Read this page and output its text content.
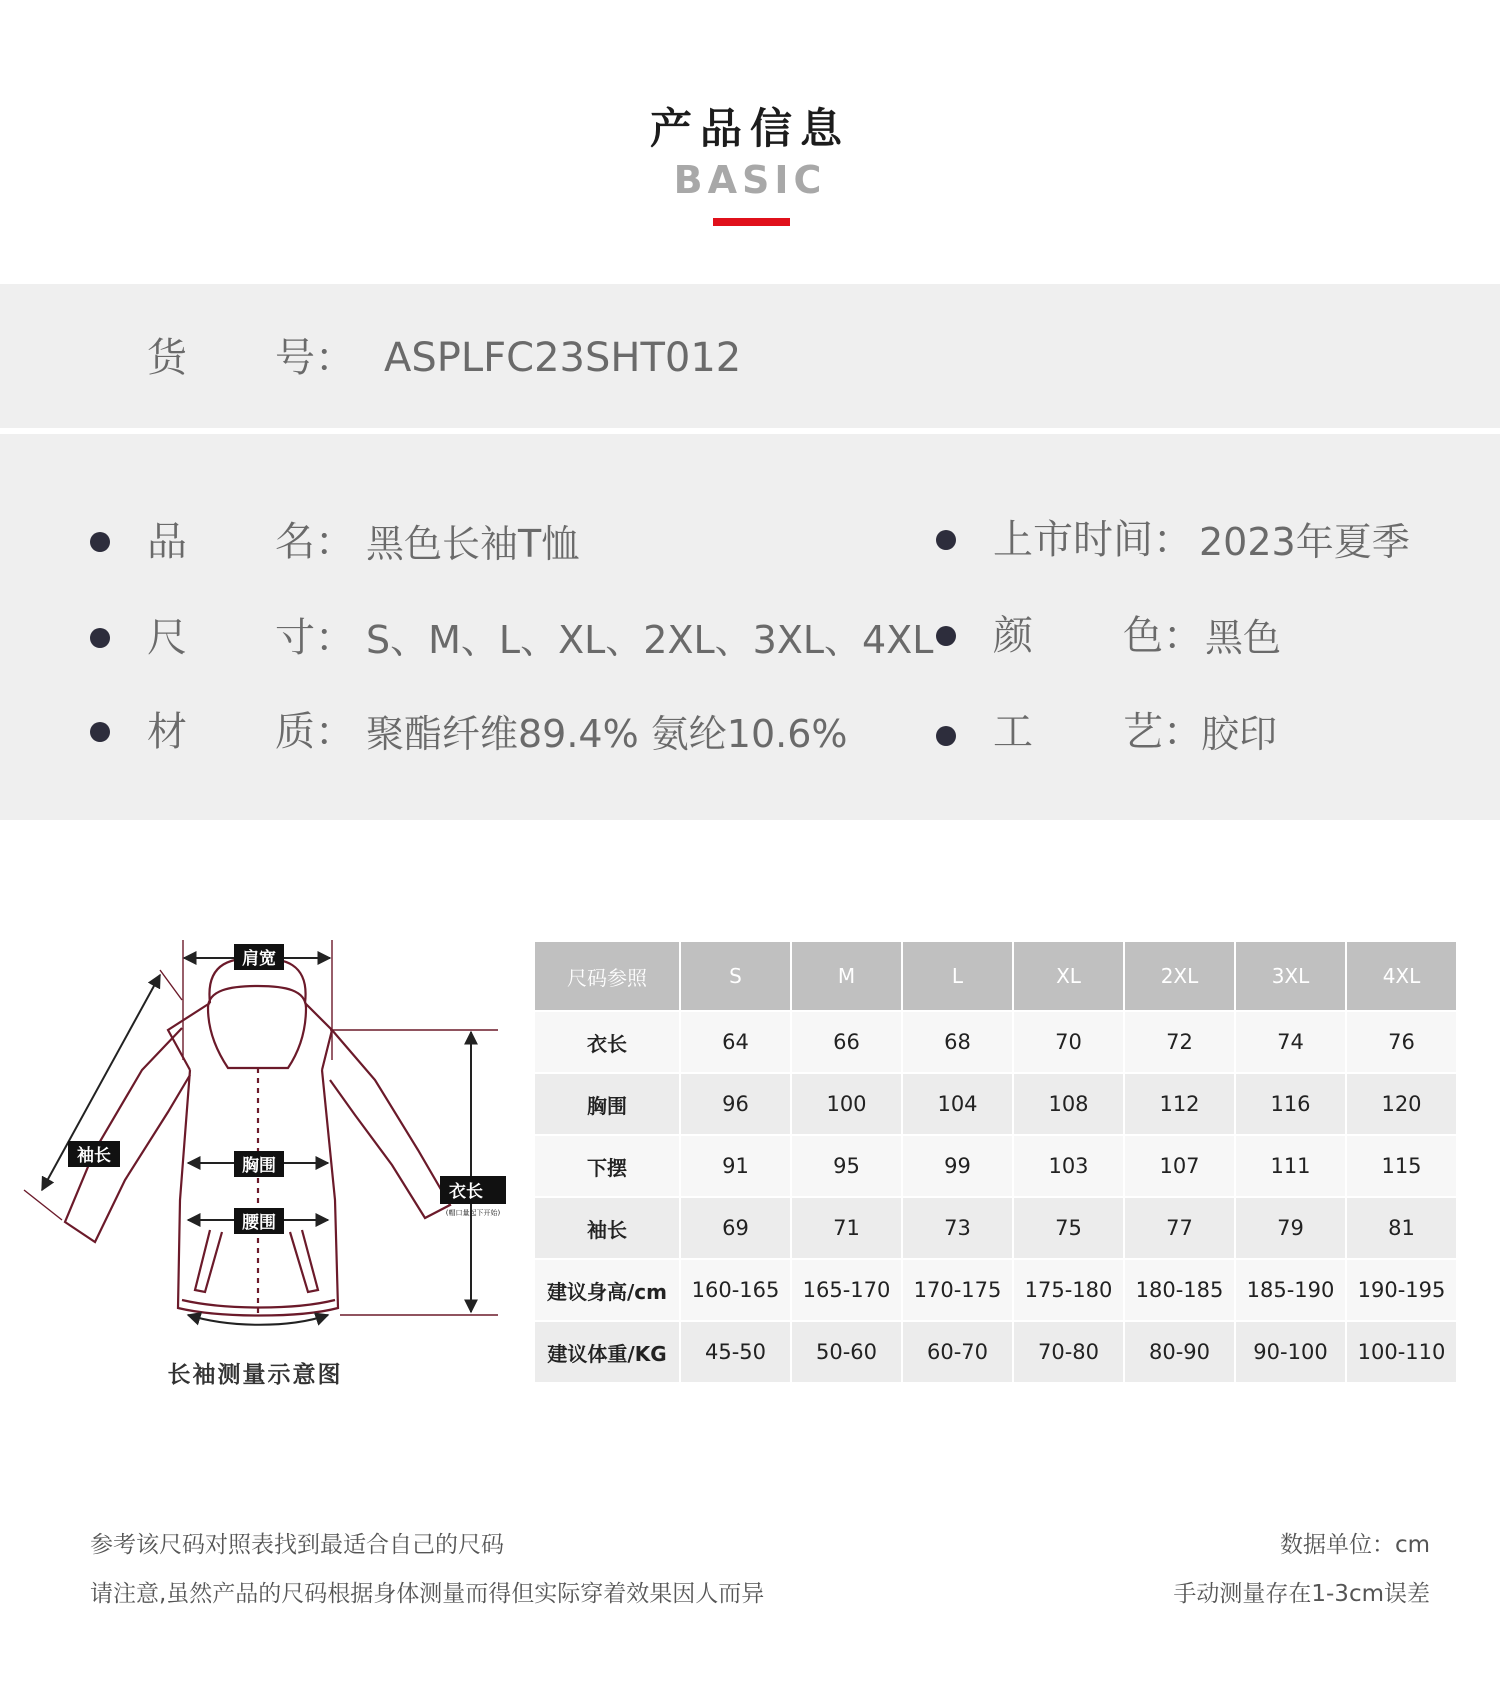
产品信息
BASIC
货 号： ASPLFC23SHT012
品 名： 黑色长袖T恤	上市时间： 2023年夏季
尺 寸： S、M、L、XL、2XL、3XL、4XL 颜 色： 黑色
材 质： 聚酯纤维89.4% 氨纶10.6%	工 艺：
胶印
肩宽
袖长	胸围
腰围
衣长
(帽口量起下开始)
长袖测量示意图
尺码参照	S	M	L	XL	2XL	3XL	4XL
衣长	64	66	68	70	72	74	76
胸围	96	100	104	108	112	116	120
下摆	91	95	99	103	107	111	115
袖长	69	71	73	75	77	79	81
建议身高/cm	160-165	165-170	170-175	175-180	180-185	185-190	190-195
建议体重/KG	45-50	50-60	60-70	70-80	80-90	90-100	100-110
参考该尺码对照表找到最适合自己的尺码
请注意,虽然产品的尺码根据身体测量而得但实际穿着效果因人而异
数据单位：cm
手动测量存在1-3cm误差
